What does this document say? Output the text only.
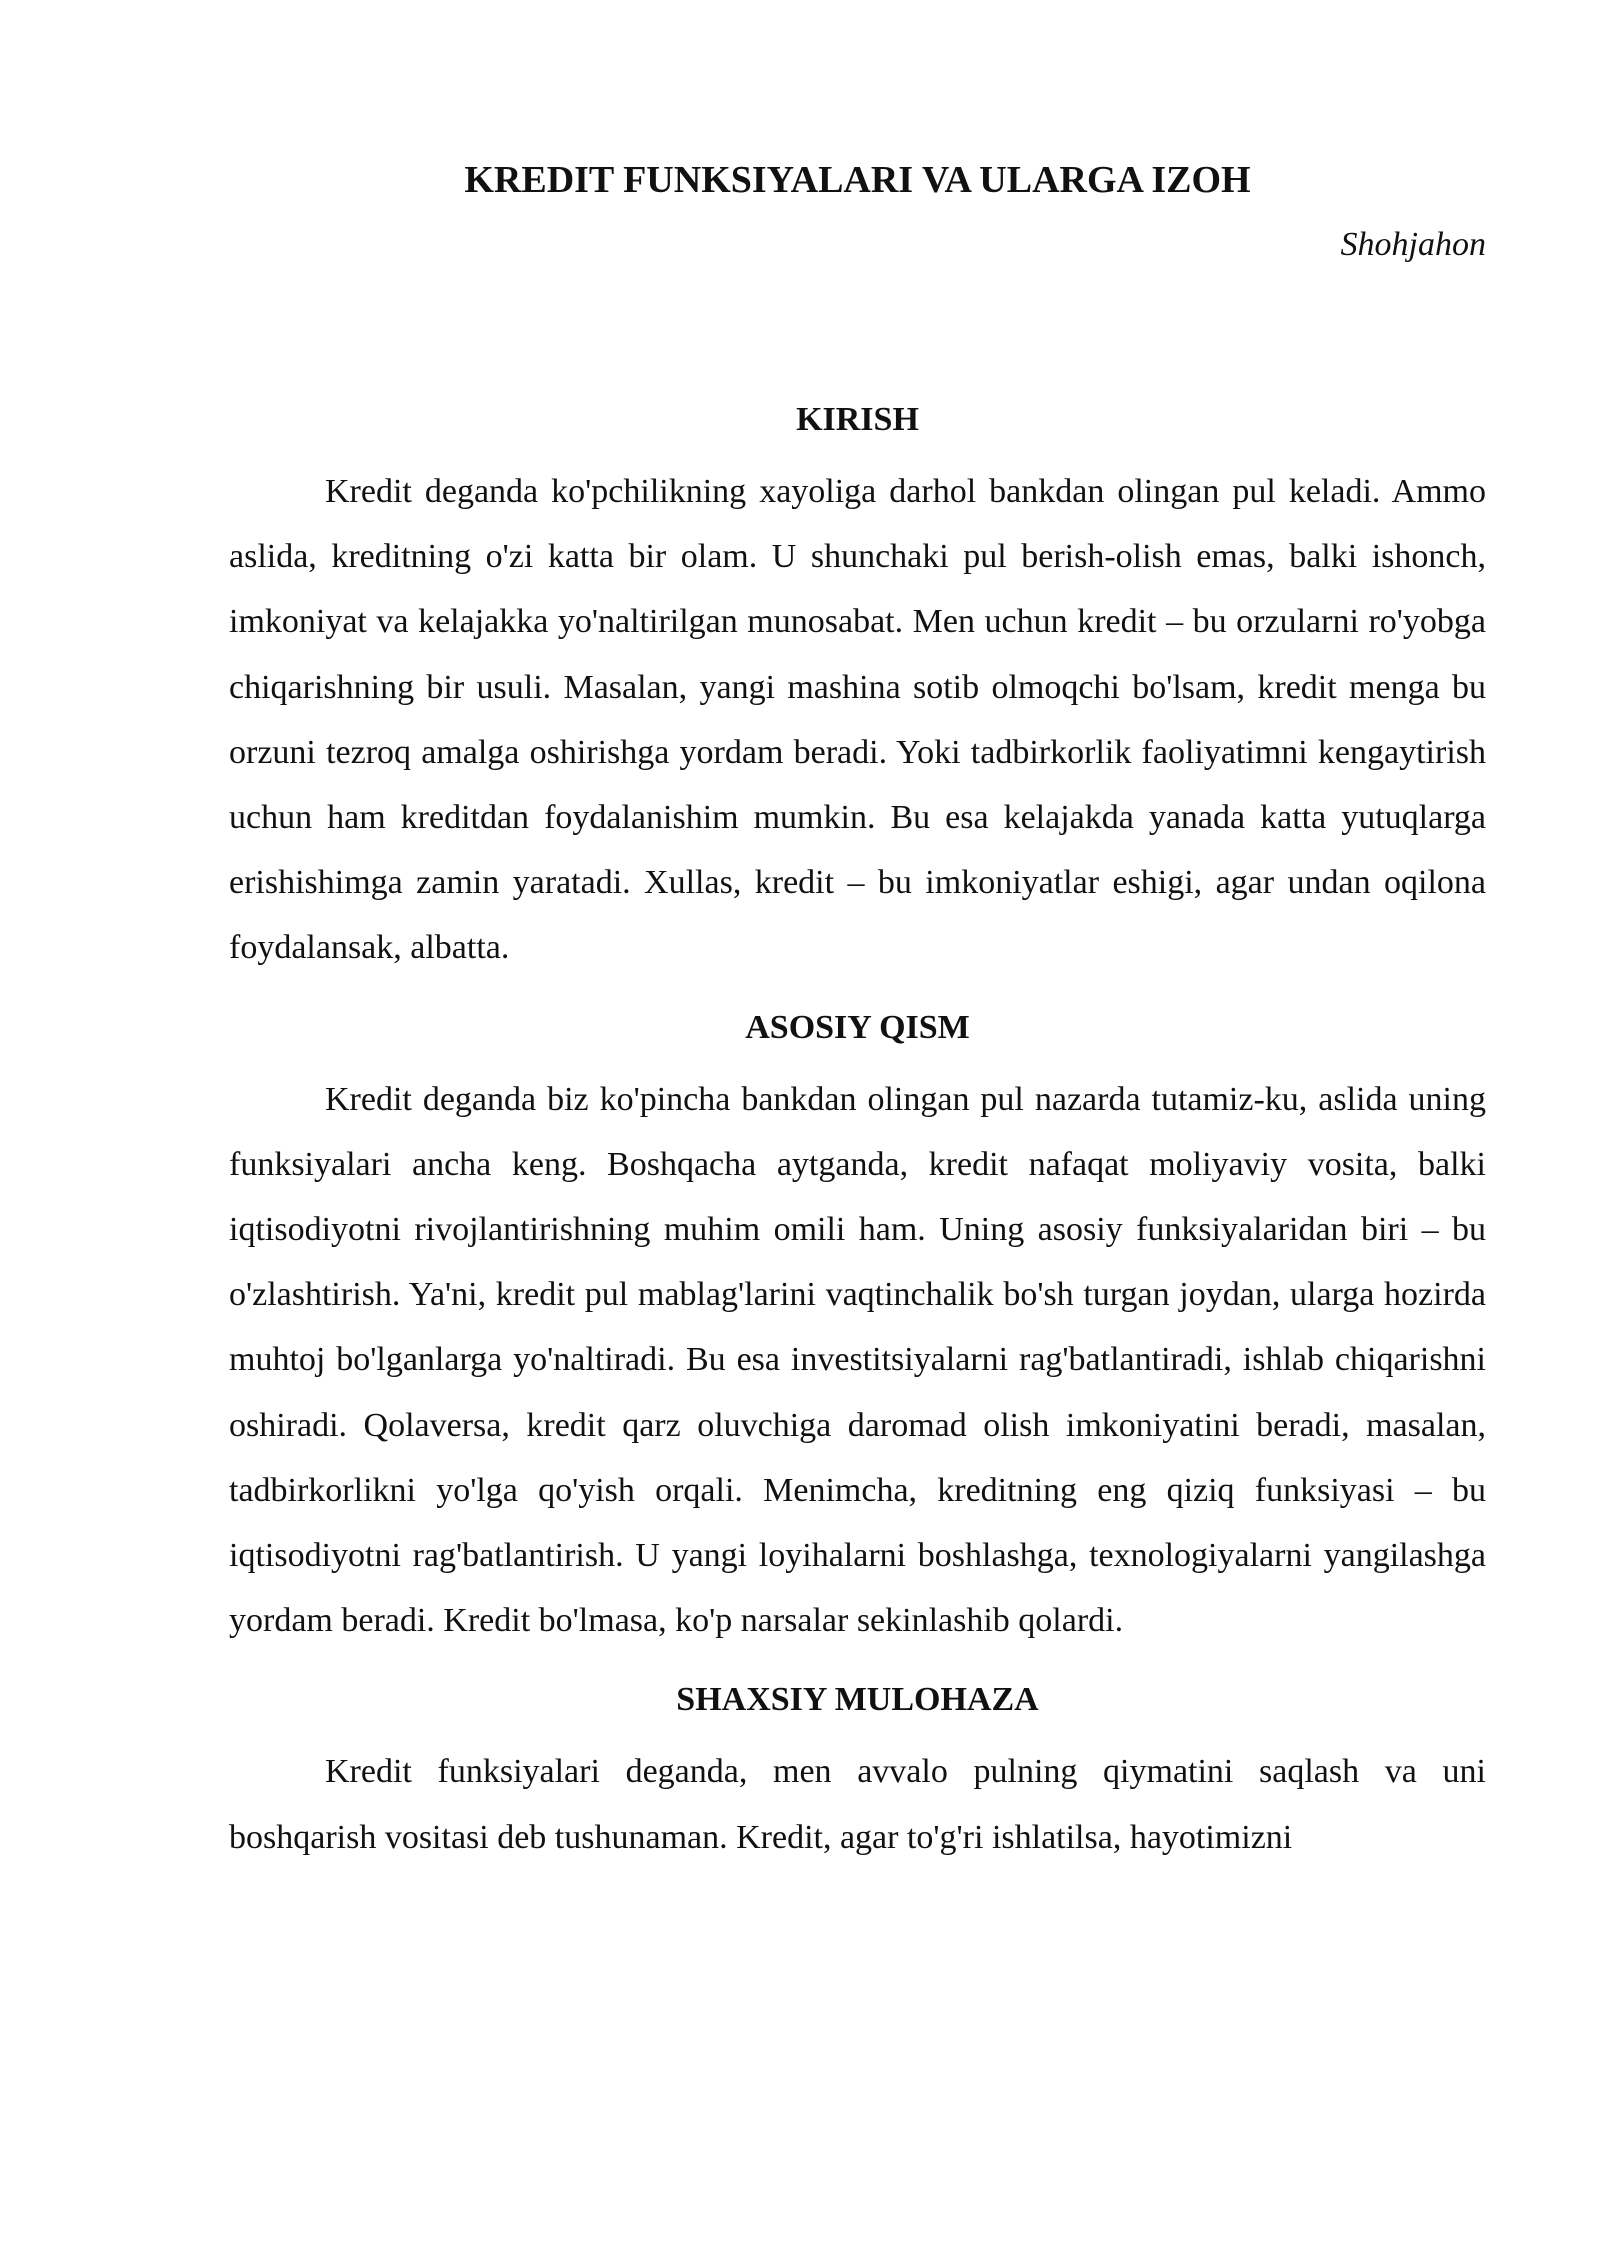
KREDIT FUNKSIYALARI VA ULARGA IZOH

Shohjahon

KIRISH

Kredit deganda ko'pchilikning xayoliga darhol bankdan olingan pul keladi. Ammo aslida, kreditning o'zi katta bir olam. U shunchaki pul berish-olish emas, balki ishonch, imkoniyat va kelajakka yo'naltirilgan munosabat. Men uchun kredit – bu orzularni ro'yobga chiqarishning bir usuli. Masalan, yangi mashina sotib olmoqchi bo'lsam, kredit menga bu orzuni tezroq amalga oshirishga yordam beradi. Yoki tadbirkorlik faoliyatimni kengaytirish uchun ham kreditdan foydalanishim mumkin. Bu esa kelajakda yanada katta yutuqlarga erishishimga zamin yaratadi. Xullas, kredit – bu imkoniyatlar eshigi, agar undan oqilona foydalansak, albatta.

ASOSIY QISM

Kredit deganda biz ko'pincha bankdan olingan pul nazarda tutamiz-ku, aslida uning funksiyalari ancha keng. Boshqacha aytganda, kredit nafaqat moliyaviy vosita, balki iqtisodiyotni rivojlantirishning muhim omili ham. Uning asosiy funksiyalaridan biri – bu o'zlashtirish. Ya'ni, kredit pul mablag'larini vaqtinchalik bo'sh turgan joydan, ularga hozirda muhtoj bo'lganlarga yo'naltiradi. Bu esa investitsiyalarni rag'batlantiradi, ishlab chiqarishni oshiradi. Qolaversa, kredit qarz oluvchiga daromad olish imkoniyatini beradi, masalan, tadbirkorlikni yo'lga qo'yish orqali. Menimcha, kreditning eng qiziq funksiyasi – bu iqtisodiyotni rag'batlantirish. U yangi loyihalarni boshlashga, texnologiyalarni yangilashga yordam beradi. Kredit bo'lmasa, ko'p narsalar sekinlashib qolardi.

SHAXSIY MULOHAZA

Kredit funksiyalari deganda, men avvalo pulning qiymatini saqlash va uni boshqarish vositasi deb tushunaman. Kredit, agar to'g'ri ishlatilsa, hayotimizni
